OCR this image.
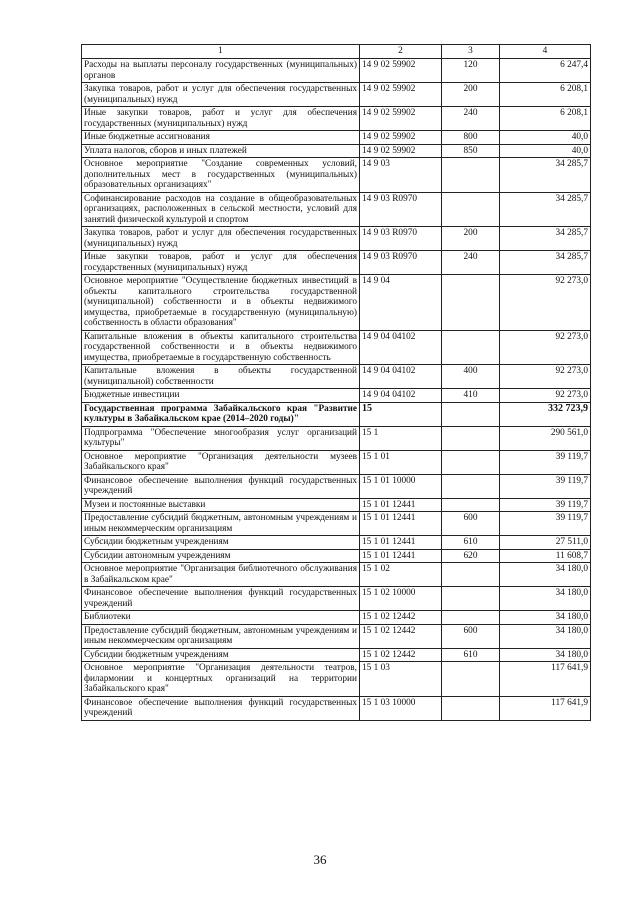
1	2	3	4
Расходы на выплаты персоналу государственных (муниципальных) органов	14 9 02 59902	120	6 247,4
Закупка товаров, работ и услуг для обеспечения государственных (муниципальных) нужд	14 9 02 59902	200	6 208,1
Иные закупки товаров, работ и услуг для обеспечения государственных (муниципальных) нужд	14 9 02 59902	240	6 208,1
Иные бюджетные ассигнования	14 9 02 59902	800	40,0
Уплата налогов, сборов и иных платежей	14 9 02 59902	850	40,0
Основное мероприятие "Создание современных условий, дополнительных мест в государственных (муниципальных) образовательных организациях"	14 9 03		34 285,7
Софинансирование расходов на создание в общеобразовательных организациях, расположенных в сельской местности, условий для занятий физической культурой и спортом	14 9 03 R0970		34 285,7
Закупка товаров, работ и услуг для обеспечения государственных (муниципальных) нужд	14 9 03 R0970	200	34 285,7
Иные закупки товаров, работ и услуг для обеспечения государственных (муниципальных) нужд	14 9 03 R0970	240	34 285,7
Основное мероприятие "Осуществление бюджетных инвестиций в объекты капитального строительства государственной (муниципальной) собственности и в объекты недвижимого имущества, приобретаемые в государственную (муниципальную) собственность в области образования"	14 9 04		92 273,0
Капитальные вложения в объекты капитального строительства государственной собственности и в объекты недвижимого имущества, приобретаемые в государственную собственность	14 9 04 04102		92 273,0
Капитальные вложения в объекты государственной (муниципальной) собственности	14 9 04 04102	400	92 273,0
Бюджетные инвестиции	14 9 04 04102	410	92 273,0
Государственная программа Забайкальского края "Развитие культуры в Забайкальском крае (2014–2020 годы)"	15		332 723,9
Подпрограмма "Обеспечение многообразия услуг организаций культуры"	15 1		290 561,0
Основное мероприятие "Организация деятельности музеев Забайкальского края"	15 1 01		39 119,7
Финансовое обеспечение выполнения функций государственных учреждений	15 1 01 10000		39 119,7
Музеи и постоянные выставки	15 1 01 12441		39 119,7
Предоставление субсидий бюджетным, автономным учреждениям и иным некоммерческим организациям	15 1 01 12441	600	39 119,7
Субсидии бюджетным учреждениям	15 1 01 12441	610	27 511,0
Субсидии автономным учреждениям	15 1 01 12441	620	11 608,7
Основное мероприятие "Организация библиотечного обслуживания в Забайкальском крае"	15 1 02		34 180,0
Финансовое обеспечение выполнения функций государственных учреждений	15 1 02 10000		34 180,0
Библиотеки	15 1 02 12442		34 180,0
Предоставление субсидий бюджетным, автономным учреждениям и иным некоммерческим организациям	15 1 02 12442	600	34 180,0
Субсидии бюджетным учреждениям	15 1 02 12442	610	34 180,0
Основное мероприятие "Организация деятельности театров, филармонии и концертных организаций на территории Забайкальского края"	15 1 03		117 641,9
Финансовое обеспечение выполнения функций государственных учреждений	15 1 03 10000		117 641,9
36
